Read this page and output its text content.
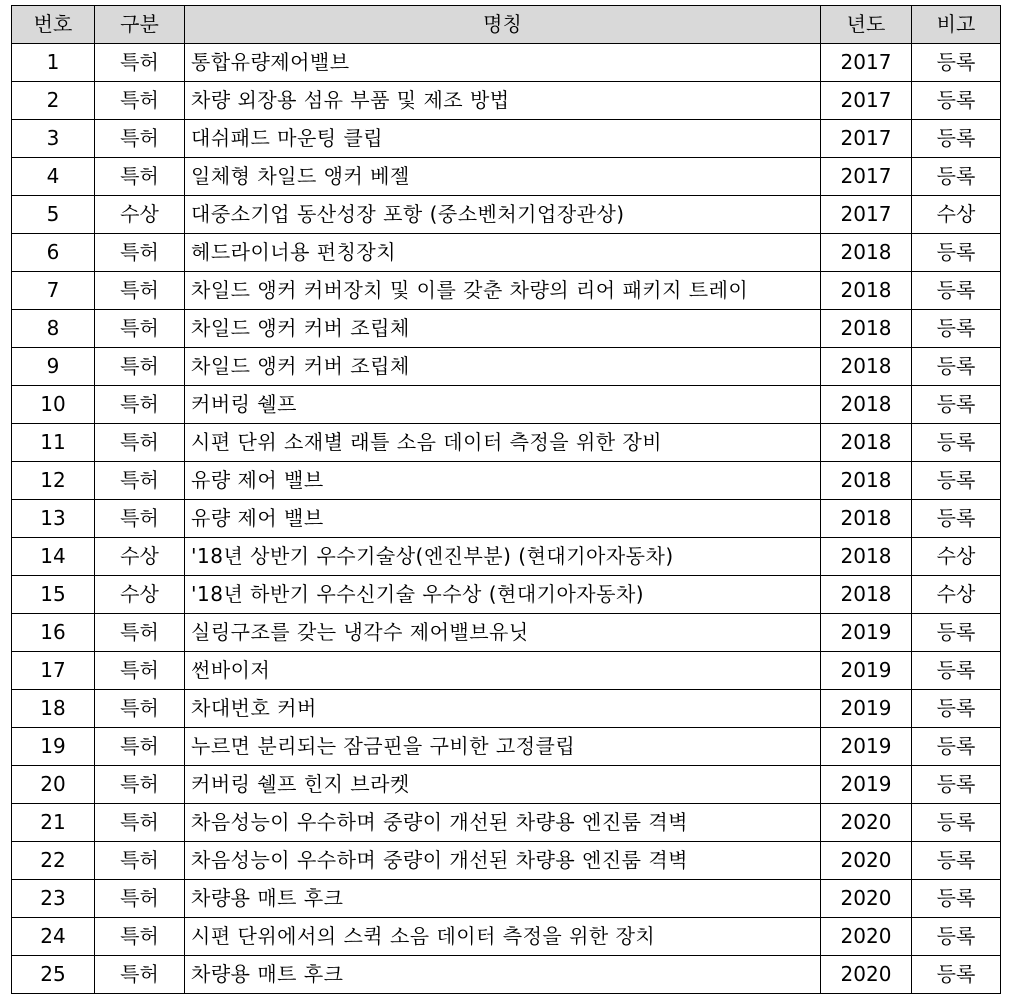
번호	구분	명칭	년도	비고
1	특허	통합유량제어밸브	2017	등록
2	특허	차량 외장용 섬유 부품 및 제조 방법	2017	등록
3	특허	대쉬패드 마운팅 클립	2017	등록
4	특허	일체형 차일드 앵커 베젤	2017	등록
5	수상	대중소기업 동산성장 포항 (중소벤처기업장관상)	2017	수상
6	특허	헤드라이너용 펀칭장치	2018	등록
7	특허	차일드 앵커 커버장치 및 이를 갖춘 차량의 리어 패키지 트레이	2018	등록
8	특허	차일드 앵커 커버 조립체	2018	등록
9	특허	차일드 앵커 커버 조립체	2018	등록
10	특허	커버링 쉘프	2018	등록
11	특허	시편 단위 소재별 래틀 소음 데이터 측정을 위한 장비	2018	등록
12	특허	유량 제어 밸브	2018	등록
13	특허	유량 제어 밸브	2018	등록
14	수상	'18년 상반기 우수기술상(엔진부분) (현대기아자동차)	2018	수상
15	수상	'18년 하반기 우수신기술 우수상 (현대기아자동차)	2018	수상
16	특허	실링구조를 갖는 냉각수 제어밸브유닛	2019	등록
17	특허	썬바이저	2019	등록
18	특허	차대번호 커버	2019	등록
19	특허	누르면 분리되는 잠금핀을 구비한 고정클립	2019	등록
20	특허	커버링 쉘프 힌지 브라켓	2019	등록
21	특허	차음성능이 우수하며 중량이 개선된 차량용 엔진룸 격벽	2020	등록
22	특허	차음성능이 우수하며 중량이 개선된 차량용 엔진룸 격벽	2020	등록
23	특허	차량용 매트 후크	2020	등록
24	특허	시편 단위에서의 스퀵 소음 데이터 측정을 위한 장치	2020	등록
25	특허	차량용 매트 후크	2020	등록
